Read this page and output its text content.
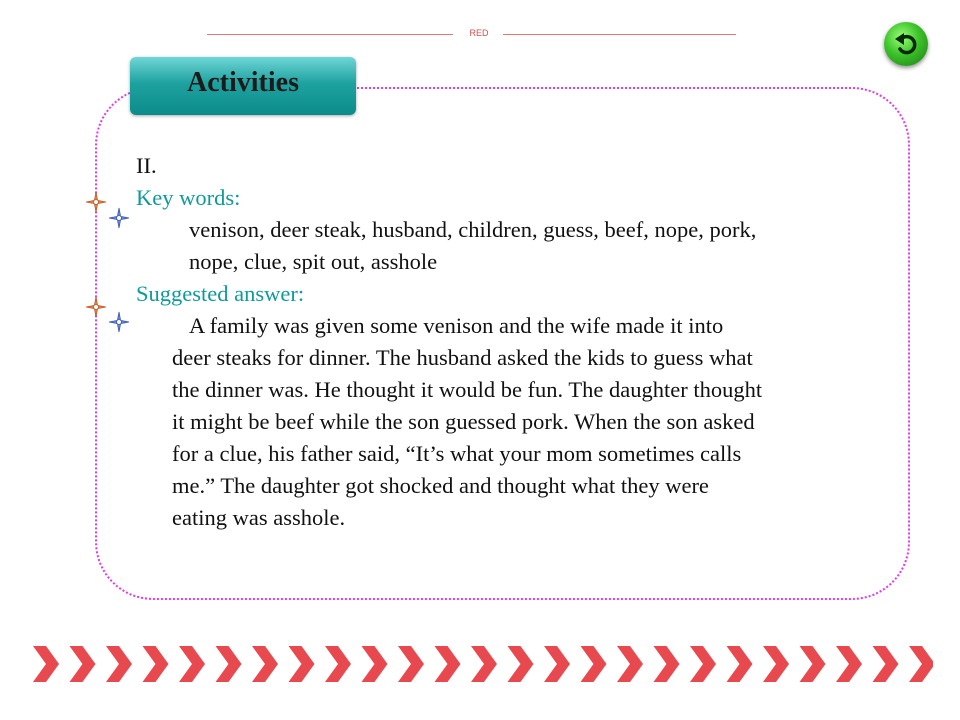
RED
Activities
II.
Key words:
venison, deer steak, husband, children, guess, beef, nope, pork,
nope, clue, spit out, asshole
Suggested answer:
A family was given some venison and the wife made it into
deer steaks for dinner. The husband asked the kids to guess what
the dinner was. He thought it would be fun. The daughter thought
it might be beef while the son guessed pork. When the son asked
for a clue, his father said, “It’s what your mom sometimes calls
me.” The daughter got shocked and thought what they were
eating was asshole.
